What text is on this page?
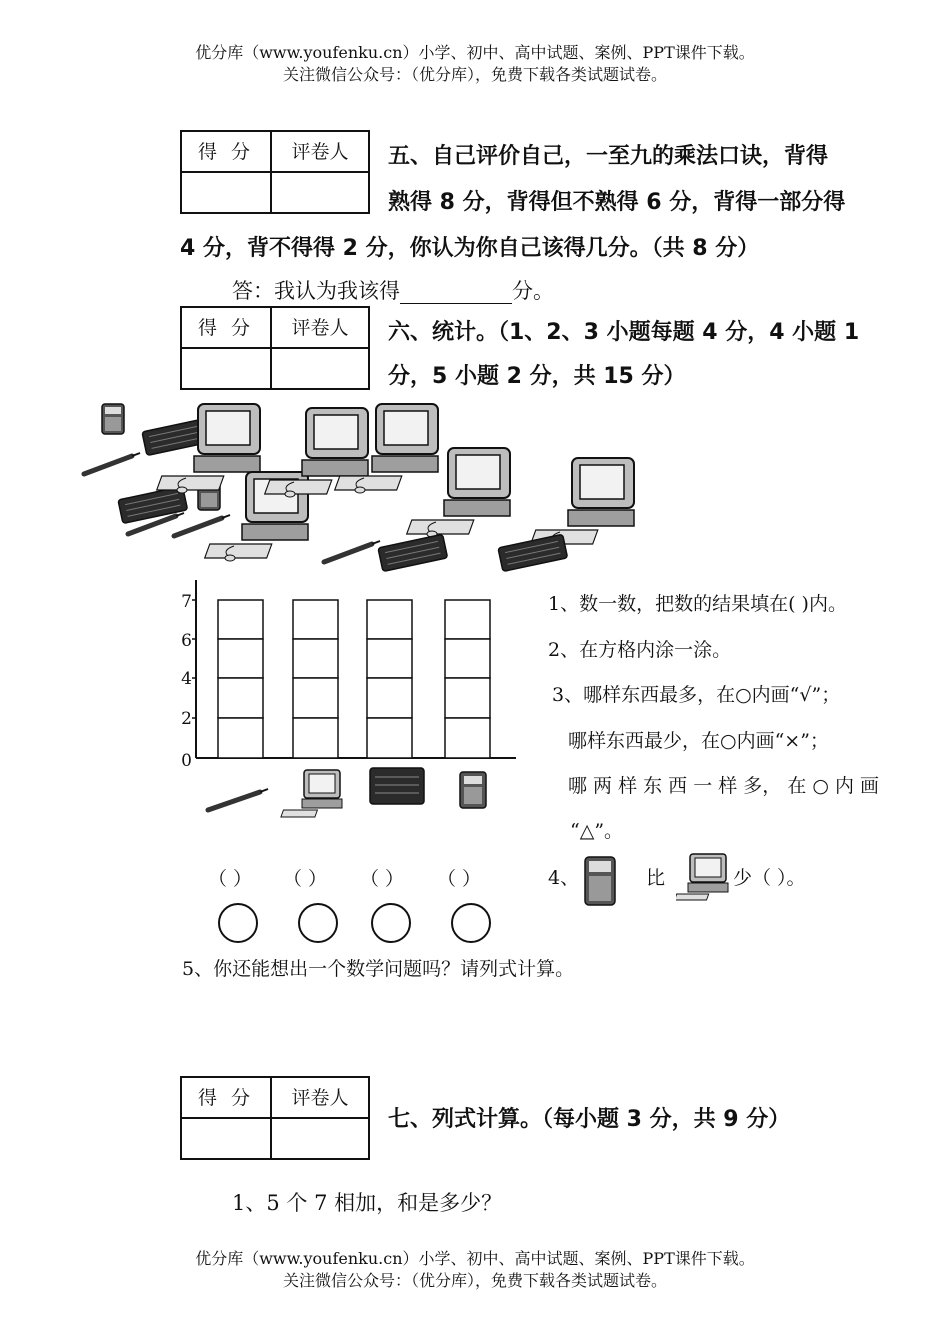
优分库（www.youfenku.cn）小学、初中、高中试题、案例、PPT课件下载。
关注微信公众号：（优分库），免费下载各类试题试卷。
得 分	评卷人	五、自己评价自己，一至九的乘法口诀，背得
熟得 8 分，背得但不熟得 6 分，背得一部分得
4 分，背不得得 2 分，你认为你自己该得几分。（共 8 分）
答：我认为我该得	分。
得 分	评卷人	六、统计。（1、2、3 小题每题 4 分，4 小题 1
分，5 小题 2 分，共 15 分）
0
2
4
6
7	1、数一数，把数的结果填在( )内。
2、在方格内涂一涂。
3、哪样东西最多，在○内画“√”；
哪样东西最少，在○内画“×”；
哪 两 样 东 西 一 样 多， 在 ○ 内 画
“△”。
（ ） （ ） （ ） （ ）	4、	比	少（ ）。
5、你还能想出一个数学问题吗？请列式计算。
得 分	评卷人
七、列式计算。（每小题 3 分，共 9 分）
1、5 个 7 相加，和是多少？
优分库（www.youfenku.cn）小学、初中、高中试题、案例、PPT课件下载。
关注微信公众号：（优分库），免费下载各类试题试卷。
